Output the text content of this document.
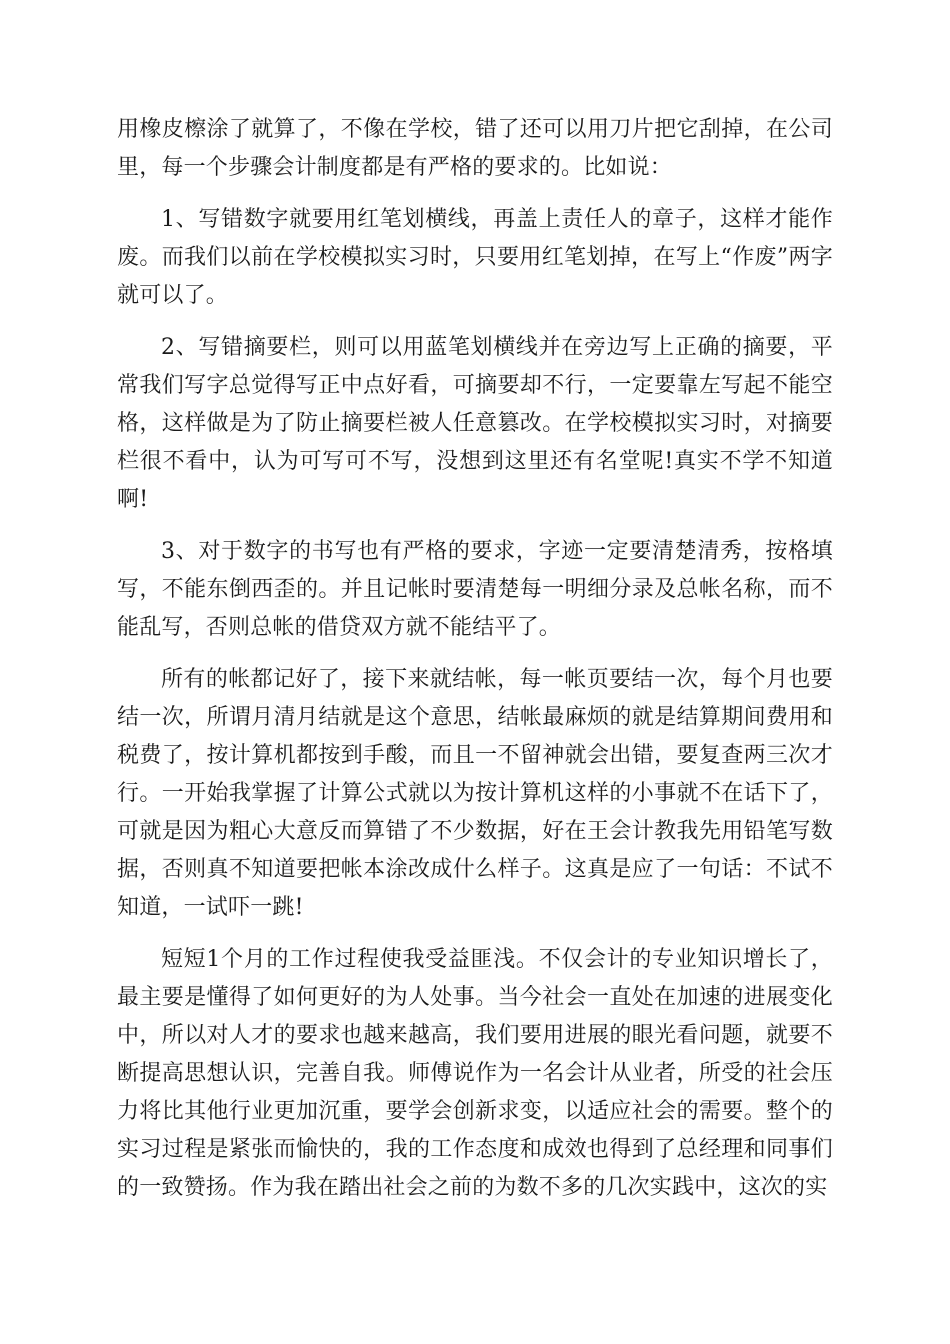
用橡皮檫涂了就算了，不像在学校，错了还可以用刀片把它刮掉，在公司里，每一个步骤会计制度都是有严格的要求的。比如说：

1、写错数字就要用红笔划横线，再盖上责任人的章子，这样才能作废。而我们以前在学校模拟实习时，只要用红笔划掉，在写上“作废”两字就可以了。

2、写错摘要栏，则可以用蓝笔划横线并在旁边写上正确的摘要，平常我们写字总觉得写正中点好看，可摘要却不行，一定要靠左写起不能空格，这样做是为了防止摘要栏被人任意篡改。在学校模拟实习时，对摘要栏很不看中，认为可写可不写，没想到这里还有名堂呢!真实不学不知道啊!

3、对于数字的书写也有严格的要求，字迹一定要清楚清秀，按格填写，不能东倒西歪的。并且记帐时要清楚每一明细分录及总帐名称，而不能乱写，否则总帐的借贷双方就不能结平了。

所有的帐都记好了，接下来就结帐，每一帐页要结一次，每个月也要结一次，所谓月清月结就是这个意思，结帐最麻烦的就是结算期间费用和税费了，按计算机都按到手酸，而且一不留神就会出错，要复查两三次才行。一开始我掌握了计算公式就以为按计算机这样的小事就不在话下了，可就是因为粗心大意反而算错了不少数据，好在王会计教我先用铅笔写数据，否则真不知道要把帐本涂改成什么样子。这真是应了一句话：不试不知道，一试吓一跳!

短短1个月的工作过程使我受益匪浅。不仅会计的专业知识增长了，最主要是懂得了如何更好的为人处事。当今社会一直处在加速的进展变化中，所以对人才的要求也越来越高，我们要用进展的眼光看问题，就要不断提高思想认识，完善自我。师傅说作为一名会计从业者，所受的社会压力将比其他行业更加沉重，要学会创新求变，以适应社会的需要。整个的实习过程是紧张而愉快的，我的工作态度和成效也得到了总经理和同事们的一致赞扬。作为我在踏出社会之前的为数不多的几次实践中，这次的实
